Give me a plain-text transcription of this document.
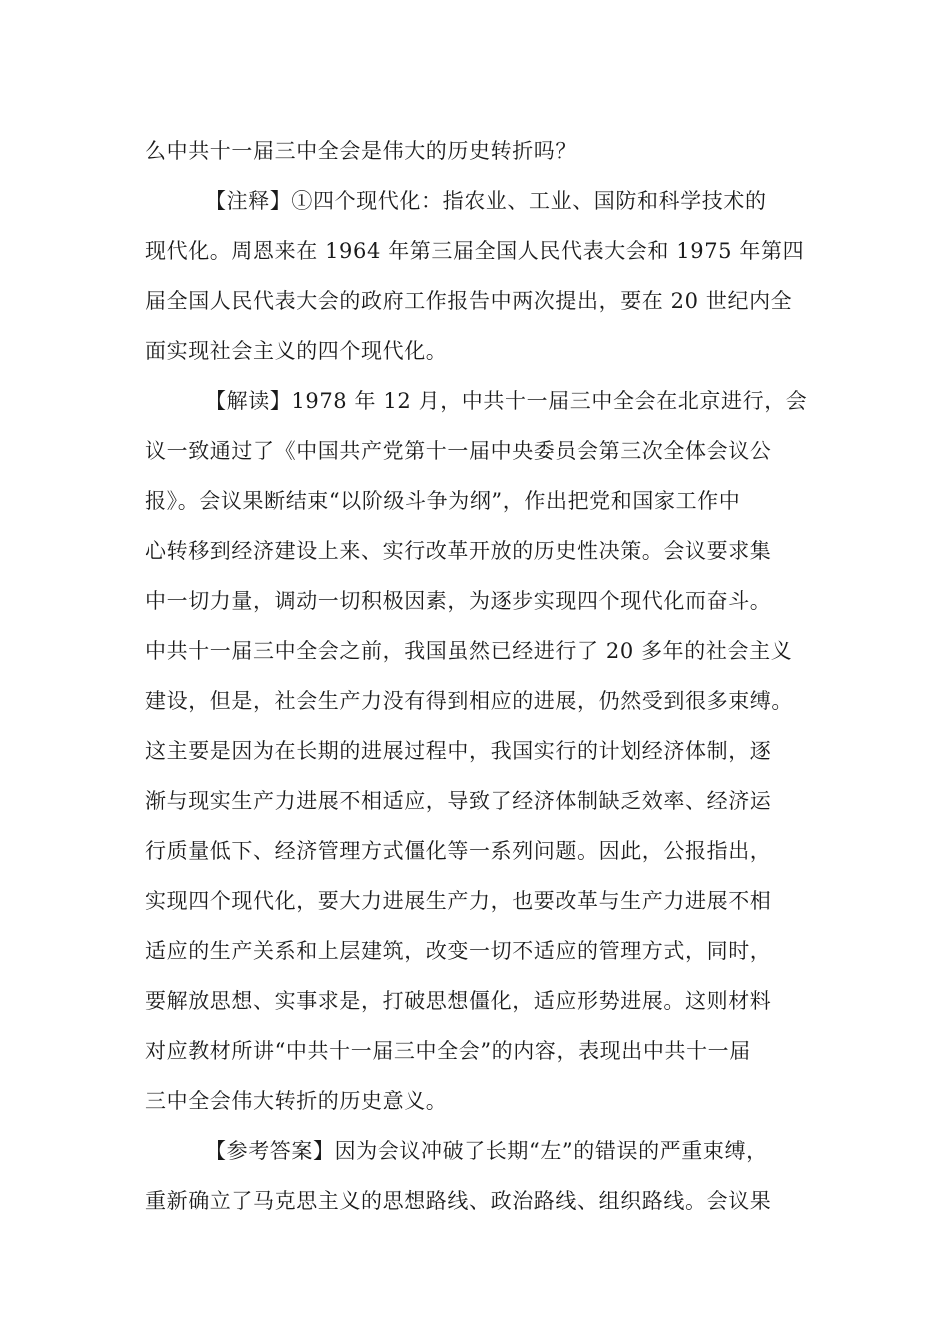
么中共十一届三中全会是伟大的历史转折吗？
【注释】①四个现代化：指农业、工业、国防和科学技术的
现代化。周恩来在 1964 年第三届全国人民代表大会和 1975 年第四
届全国人民代表大会的政府工作报告中两次提出，要在 20 世纪内全
面实现社会主义的四个现代化。
【解读】1978 年 12 月，中共十一届三中全会在北京进行，会
议一致通过了《中国共产党第十一届中央委员会第三次全体会议公
报》。会议果断结束“以阶级斗争为纲”，作出把党和国家工作中
心转移到经济建设上来、实行改革开放的历史性决策。会议要求集
中一切力量，调动一切积极因素，为逐步实现四个现代化而奋斗。
中共十一届三中全会之前，我国虽然已经进行了 20 多年的社会主义
建设，但是，社会生产力没有得到相应的进展，仍然受到很多束缚。
这主要是因为在长期的进展过程中，我国实行的计划经济体制，逐
渐与现实生产力进展不相适应，导致了经济体制缺乏效率、经济运
行质量低下、经济管理方式僵化等一系列问题。因此，公报指出，
实现四个现代化，要大力进展生产力，也要改革与生产力进展不相
适应的生产关系和上层建筑，改变一切不适应的管理方式，同时，
要解放思想、实事求是，打破思想僵化，适应形势进展。这则材料
对应教材所讲“中共十一届三中全会”的内容，表现出中共十一届
三中全会伟大转折的历史意义。
【参考答案】因为会议冲破了长期“左”的错误的严重束缚，
重新确立了马克思主义的思想路线、政治路线、组织路线。会议果
